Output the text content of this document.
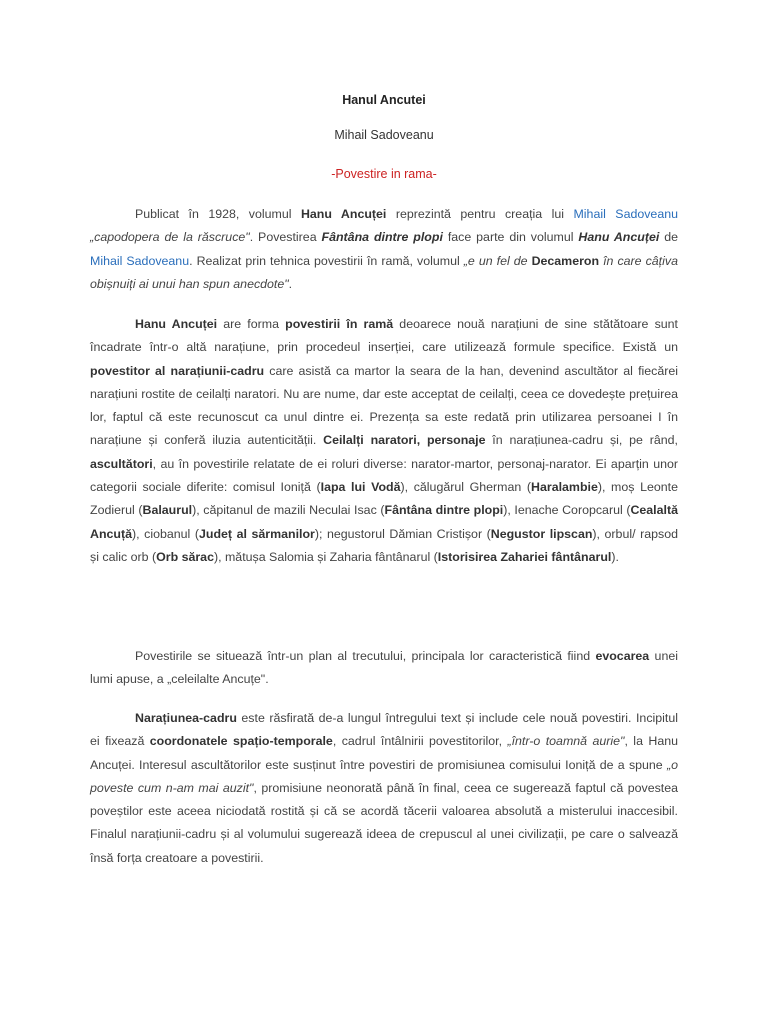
Hanul Ancutei
Mihail Sadoveanu
-Povestire in rama-

Publicat în 1928, volumul Hanu Ancuței reprezintă pentru creația lui Mihail Sadoveanu „capodopera de la răscruce". Povestirea Fântâna dintre plopi face parte din volumul Hanu Ancuței de Mihail Sadoveanu. Realizat prin tehnica povestirii în ramă, volumul „e un fel de Decameron în care câțiva obișnuiți ai unui han spun anecdote".

Hanu Ancuței are forma povestirii în ramă deoarece nouă narațiuni de sine stătătoare sunt încadrate într-o altă narațiune, prin procedeul inserției, care utilizează formule specifice. Există un povestitor al narațiunii-cadru care asistă ca martor la seara de la han, devenind ascultător al fiecărei narațiuni rostite de ceilalți naratori. Nu are nume, dar este acceptat de ceilalți, ceea ce dovedește prețuirea lor, faptul că este recunoscut ca unul dintre ei. Prezența sa este redată prin utilizarea persoanei I în narațiune și conferă iluzia autenticității. Ceilalți naratori, personaje în narațiunea-cadru și, pe rând, ascultători, au în povestirile relatate de ei roluri diverse: narator-martor, personaj-narator. Ei aparțin unor categorii sociale diferite: comisul Ioniță (Iapa lui Vodă), călugărul Gherman (Haralambie), moș Leonte Zodierul (Balaurul), căpitanul de mazili Neculai Isac (Fântâna dintre plopi), Ienache Coropcarul (Cealaltă Ancuță), ciobanul (Județ al sărmanilor); negustorul Dămian Cristișor (Negustor lipscan), orbul/ rapsod și calic orb (Orb sărac), mătușa Salomia și Zaharia fântânarul (Istorisirea Zahariei fântânarul).

Povestirile se situează într-un plan al trecutului, principala lor caracteristică fiind evocarea unei lumi apuse, a „celeilalte Ancuțe".

Narațiunea-cadru este răsfirată de-a lungul întregului text și include cele nouă povestiri. Incipitul ei fixează coordonatele spațio-temporale, cadrul întâlnirii povestitorilor, „într-o toamnă aurie", la Hanu Ancuței. Interesul ascultătorilor este susținut între povestiri de promisiunea comisului Ioniță de a spune „o poveste cum n-am mai auzit", promisiune neonorată până în final, ceea ce sugerează faptul că povestea poveștilor este aceea niciodată rostită și că se acordă tăcerii valoarea absolută a misterului inaccesibil. Finalul narațiunii-cadru și al volumului sugerează ideea de crepuscul al unei civilizații, pe care o salvează însă forța creatoare a povestirii.
